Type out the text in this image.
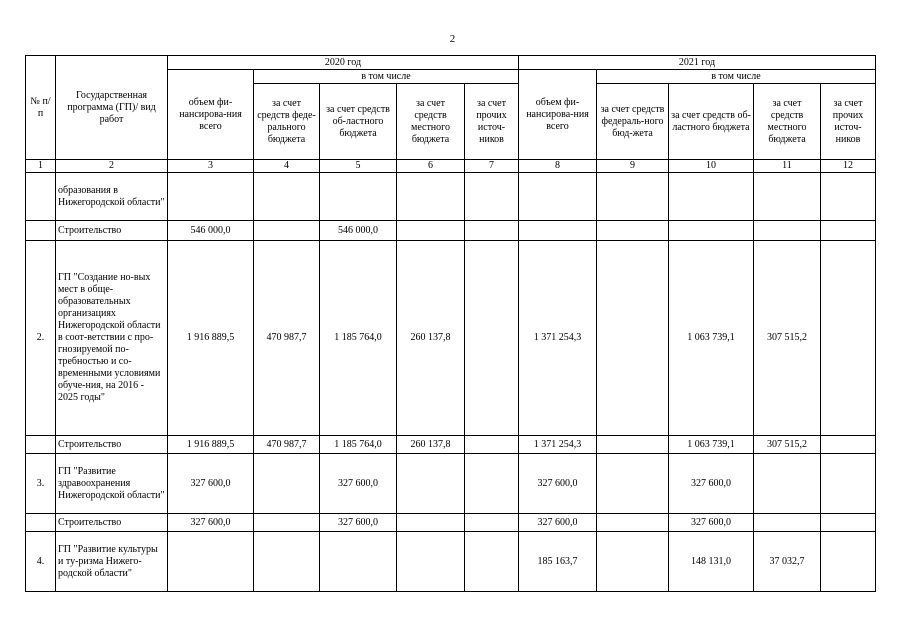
2
№ п/п	Государственная программа (ГП)/ вид работ	2020 год					2021 год				
		объем фи-нансирова-ния всего	в том числе				объем фи-нансирова-ния всего	в том числе			
			за счет средств феде-рального бюджета	за счет средств об-ластного бюджета	за счет средств местного бюджета	за счет прочих источ-ников		за счет средств федераль-ного бюд-жета	за счет средств об-ластного бюджета	за счет средств местного бюджета	за счет прочих источ-ников
1	2	3	4	5	6	7	8	9	10	11	12
	образования в Нижегородской области"										
	Строительство	546 000,0		546 000,0							
2.	ГП "Создание но-вых мест в обще-образовательных организациях Нижегородской области в соот-ветствии с про-гнозируемой по-требностью и со-временными условиями обуче-ния, на 2016 - 2025 годы"	1 916 889,5	470 987,7	1 185 764,0	260 137,8		1 371 254,3		1 063 739,1	307 515,2	
	Строительство	1 916 889,5	470 987,7	1 185 764,0	260 137,8		1 371 254,3		1 063 739,1	307 515,2	
3.	ГП "Развитие здравоохранения Нижегородской области"	327 600,0		327 600,0			327 600,0		327 600,0		
	Строительство	327 600,0		327 600,0			327 600,0		327 600,0		
4.	ГП "Развитие культуры и ту-ризма Нижего-родской области"						185 163,7		148 131,0	37 032,7	
